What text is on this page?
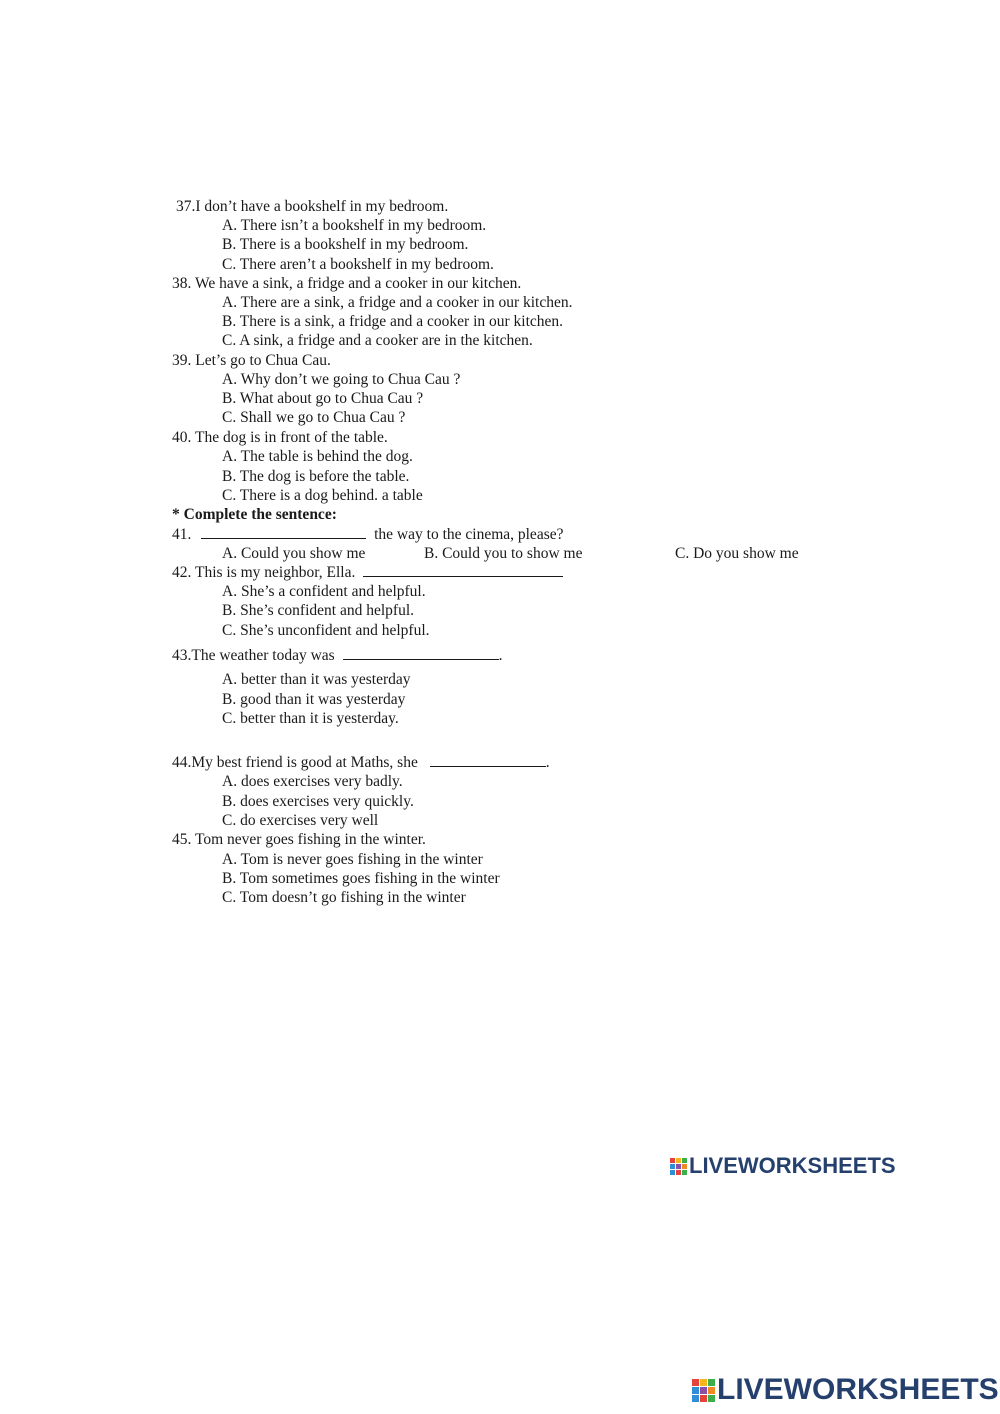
37.I don’t have a bookshelf in my bedroom.
A. There isn’t a bookshelf in my bedroom.
B. There is a bookshelf in my bedroom.
C. There aren’t a bookshelf in my bedroom.
38. We have a sink, a fridge and a cooker in our kitchen.
A. There are a sink, a fridge and a cooker in our kitchen.
B. There is a sink, a fridge and a cooker in our kitchen.
C. A sink, a fridge and a cooker are in the kitchen.
39. Let’s go to Chua Cau.
A. Why don’t we going to Chua Cau ?
B. What about go to Chua Cau ?
C. Shall we go to Chua Cau ?
40. The dog is in front of the table.
A. The table is behind the dog.
B. The dog is before the table.
C. There is a dog behind. a table
* Complete the sentence:
41.	the way to the cinema, please?
A. Could you show me	B. Could you to show me	C. Do you show me
42. This is my neighbor, Ella.
A. She’s a confident and helpful.
B. She’s confident and helpful.
C. She’s unconfident and helpful.
43.The weather today was	.
A. better than it was yesterday
B. good than it was yesterday
C. better than it is yesterday.
44.My best friend is good at Maths, she	.
A. does exercises very badly.
B. does exercises very quickly.
C. do exercises very well
45. Tom never goes fishing in the winter.
A. Tom is never goes fishing in the winter
B. Tom sometimes goes fishing in the winter
C. Tom doesn’t go fishing in the winter
LIVEWORKSHEETS
LIVEWORKSHEETS
